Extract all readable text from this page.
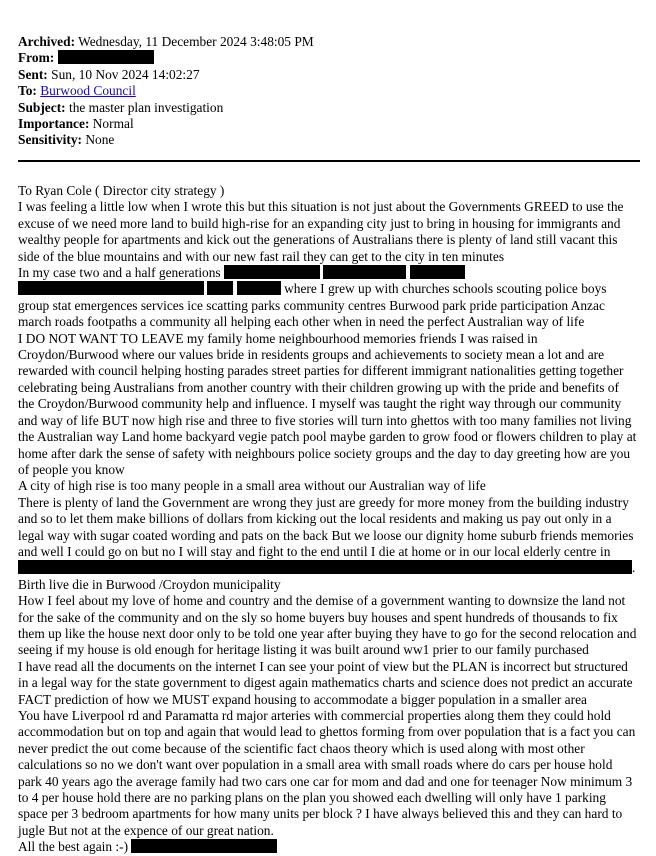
Archived: Wednesday, 11 December 2024 3:48:05 PM
From:
Sent: Sun, 10 Nov 2024 14:02:27
To: Burwood Council
Subject: the master plan investigation
Importance: Normal
Sensitivity: None

To Ryan Cole ( Director city strategy )

I was feeling a little low when I wrote this but this situation is not just about the Governments GREED to use the excuse of we need more land to build high-rise for an expanding city just to bring in housing for immigrants and wealthy people for apartments and kick out the generations of Australians there is plenty of land still vacant this side of the blue mountains and with our new fast rail they can get to the city in ten minutes

In my case two and a half generations       where I grew up with churches schools scouting police boys group stat emergences services ice scatting parks community centres Burwood park pride participation Anzac march roads footpaths a community all helping each other when in need the perfect Australian way of life

I DO NOT WANT TO LEAVE my family home neighbourhood memories friends I was raised in Croydon/Burwood where our values bride in residents groups and achievements to society mean a lot and are rewarded with council helping hosting parades street parties for different immigrant nationalities getting together celebrating being Australians from another country with their children growing up with the pride and benefits of the Croydon/Burwood community help and influence. I myself was taught the right way through our community and way of life BUT now high rise and three to five stories will turn into ghettos with too many families not living the Australian way Land home backyard vegie patch pool maybe garden to grow food or flowers children to play at home after dark the sense of safety with neighbours police society groups and the day to day greeting how are you of people you know

A city of high rise is too many people in a small area without our Australian way of life

There is plenty of land the Government are wrong they just are greedy for more money from the building industry and so to let them make billions of dollars from kicking out the local residents and making us pay out only in a legal way with sugar coated wording and pats on the back But we loose our dignity home suburb friends memories and well I could go on but no I will stay and fight to the end until I die at home or in our local elderly centre in . Birth live die in Burwood /Croydon municipality

How I feel about my love of home and country and the demise of a government wanting to downsize the land not for the sake of the community and on the sly so home buyers buy houses and spent hundreds of thousands to fix them up like the house next door only to be told one year after buying they have to go for the second relocation and seeing if my house is old enough for heritage listing it was built around ww1 prier to our family purchased

I have read all the documents on the internet I can see your point of view but the PLAN is incorrect but structured in a legal way for the state government to digest again mathematics charts and science does not predict an accurate FACT prediction of how we MUST expand housing to accommodate a bigger population in a smaller area

You have Liverpool rd and Paramatta rd major arteries with commercial properties along them they could hold accommodation but on top and again that would lead to ghettos forming from over population that is a fact you can never predict the out come because of the scientific fact chaos theory which is used along with most other calculations so no we don't want over population in a small area with small roads where do cars per house hold park 40 years ago the average family had two cars one car for mom and dad and one for teenager Now minimum 3 to 4 per house hold there are no parking plans on the plan you showed each dwelling will only have 1 parking space per 3 bedroom apartments for how many units per block ? I have always believed this and they can hard to jugle But not at the expence of our great nation.

All the best again :-)
